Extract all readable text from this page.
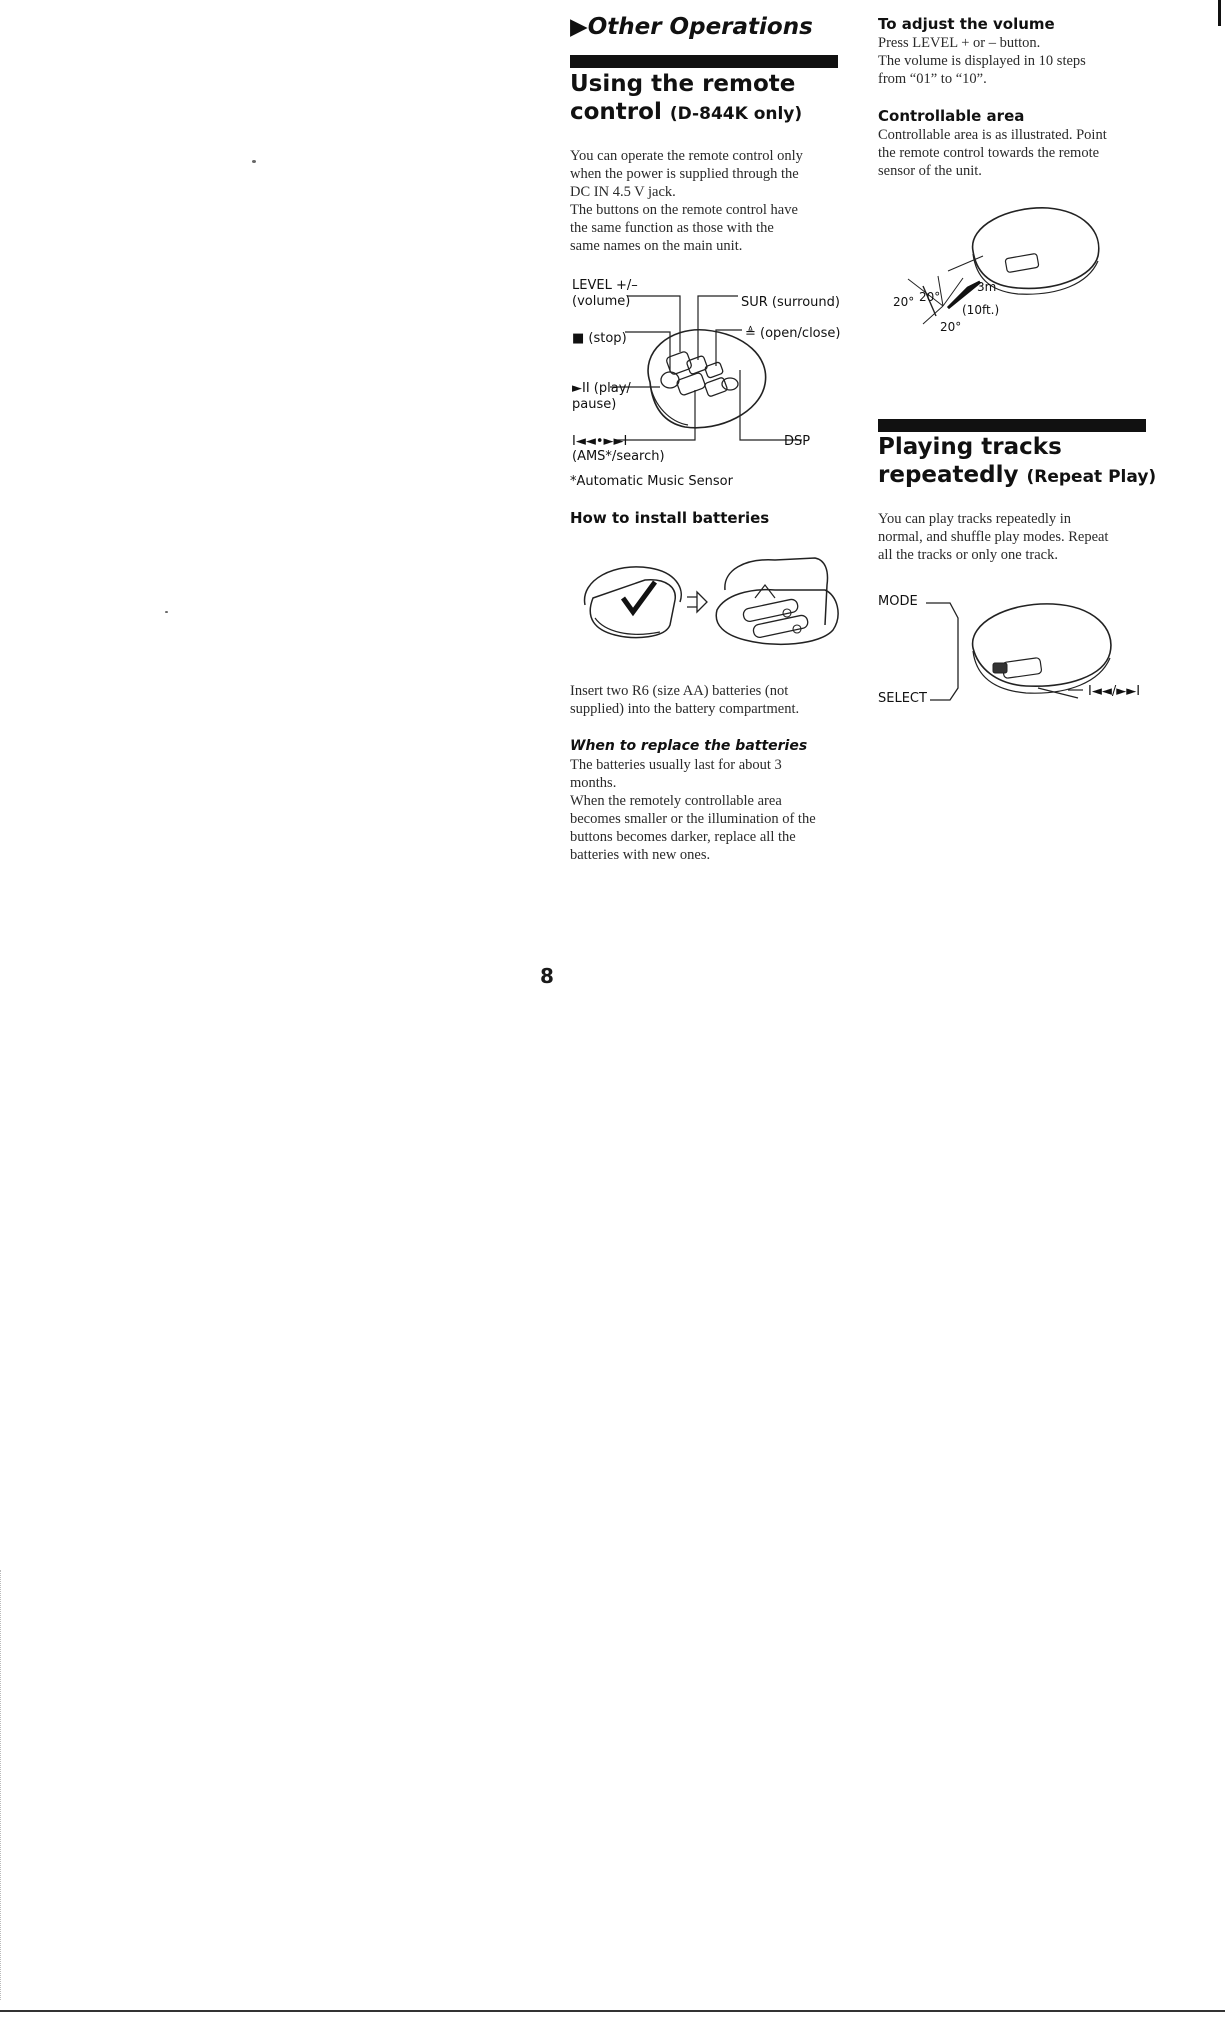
▶Other Operations
Using the remote
control (D-844K only)
You can operate the remote control only
when the power is supplied through the
DC IN 4.5 V jack.
The buttons on the remote control have
the same function as those with the
same names on the main unit.
LEVEL +/–
(volume)
■ (stop)
►II (play/
pause)
I◄◄•►►I
(AMS*/search)
SUR (surround)
≜ (open/close)
DSP
*Automatic Music Sensor
How to install batteries
Insert two R6 (size AA) batteries (not
supplied) into the battery compartment.
When to replace the batteries
The batteries usually last for about 3
months.
When the remotely controllable area
becomes smaller or the illumination of the
buttons becomes darker, replace all the
batteries with new ones.
To adjust the volume
Press LEVEL + or – button.
The volume is displayed in 10 steps
from “01” to “10”.
Controllable area
Controllable area is as illustrated. Point
the remote control towards the remote
sensor of the unit.
3m
(10ft.)
20° 20°
20°
Playing tracks
repeatedly (Repeat Play)
You can play tracks repeatedly in
normal, and shuffle play modes. Repeat
all the tracks or only one track.
MODE
SELECT	I◄◄/►►I
8
